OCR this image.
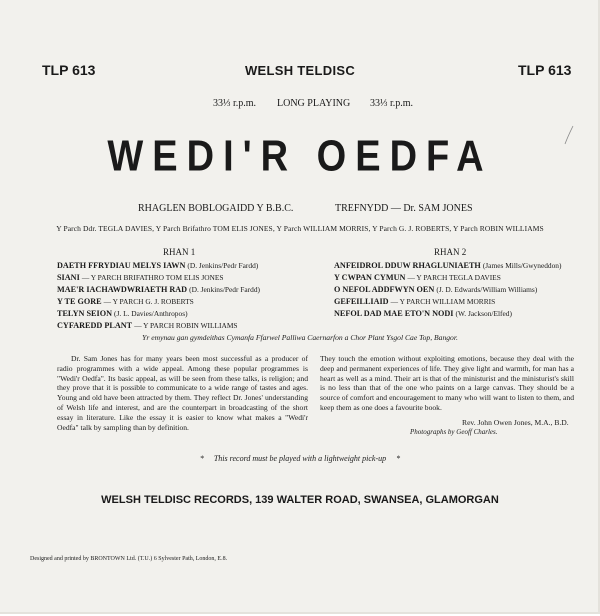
TLP 613	WELSH TELDISC	TLP 613
33⅓ r.p.m. LONG PLAYING 33⅓ r.p.m.
WEDI'R OEDFA
RHAGLEN BOBLOGAIDD Y B.B.C.	TREFNYDD — Dr. SAM JONES
Y Parch Ddr. TEGLA DAVIES, Y Parch Brifathro TOM ELIS JONES, Y Parch WILLIAM MORRIS, Y Parch G. J. ROBERTS, Y Parch ROBIN WILLIAMS
RHAN 1
DAETH FFRYDIAU MELYS IAWN (D. Jenkins/Pedr Fardd)
SIANI — Y PARCH BRIFATHRO TOM ELIS JONES
MAE'R IACHAWDWRIAETH RAD (D. Jenkins/Pedr Fardd)
Y TE GORE — Y PARCH G. J. ROBERTS
TELYN SEION (J. L. Davies/Anthropos)
CYFAREDD PLANT — Y PARCH ROBIN WILLIAMS
RHAN 2
ANFEIDROL DDUW RHAGLUNIAETH (James Mills/Gwyneddon)
Y CWPAN CYMUN — Y PARCH TEGLA DAVIES
O NEFOL ADDFWYN OEN (J. D. Edwards/William Williams)
GEFEILLIAID — Y PARCH WILLIAM MORRIS
NEFOL DAD MAE ETO'N NODI (W. Jackson/Elfed)
Yr emynau gan gymdeithas Cymanfa Ffarwel Palliwa Caernarfon a Chor Plant Ysgol Cae Top, Bangor.
Dr. Sam Jones has for many years been most successful as a producer of radio programmes with a wide appeal. Among these popular programmes is "Wedi'r Oedfa". Its basic appeal, as will be seen from these talks, is religion; and they prove that it is possible to communicate to a wide range of tastes and ages. Young and old have been attracted by them. They reflect Dr. Jones' understanding of Welsh life and interest, and are the counterpart in broadcasting of the short essay in literature. Like the essay it is easier to know what makes a "Wedi'r Oedfa" talk by sampling than by definition.
They touch the emotion without exploiting emotions, because they deal with the deep and permanent experiences of life. They give light and warmth, for man has a heart as well as a mind. Their art is that of the ministurist and the ministurist's skill is no less than that of the one who paints on a large canvas. They should be a source of comfort and encouragement to many who will want to listen to them, and keep them as one does a favourite book.
Rev. John Owen Jones, M.A., B.D.
Photographs by Geoff Charles.
* This record must be played with a lightweight pick-up *
WELSH TELDISC RECORDS, 139 WALTER ROAD, SWANSEA, GLAMORGAN
Designed and printed by BRONTOWN Ltd. (T.U.) 6 Sylvester Path, London, E.8.
